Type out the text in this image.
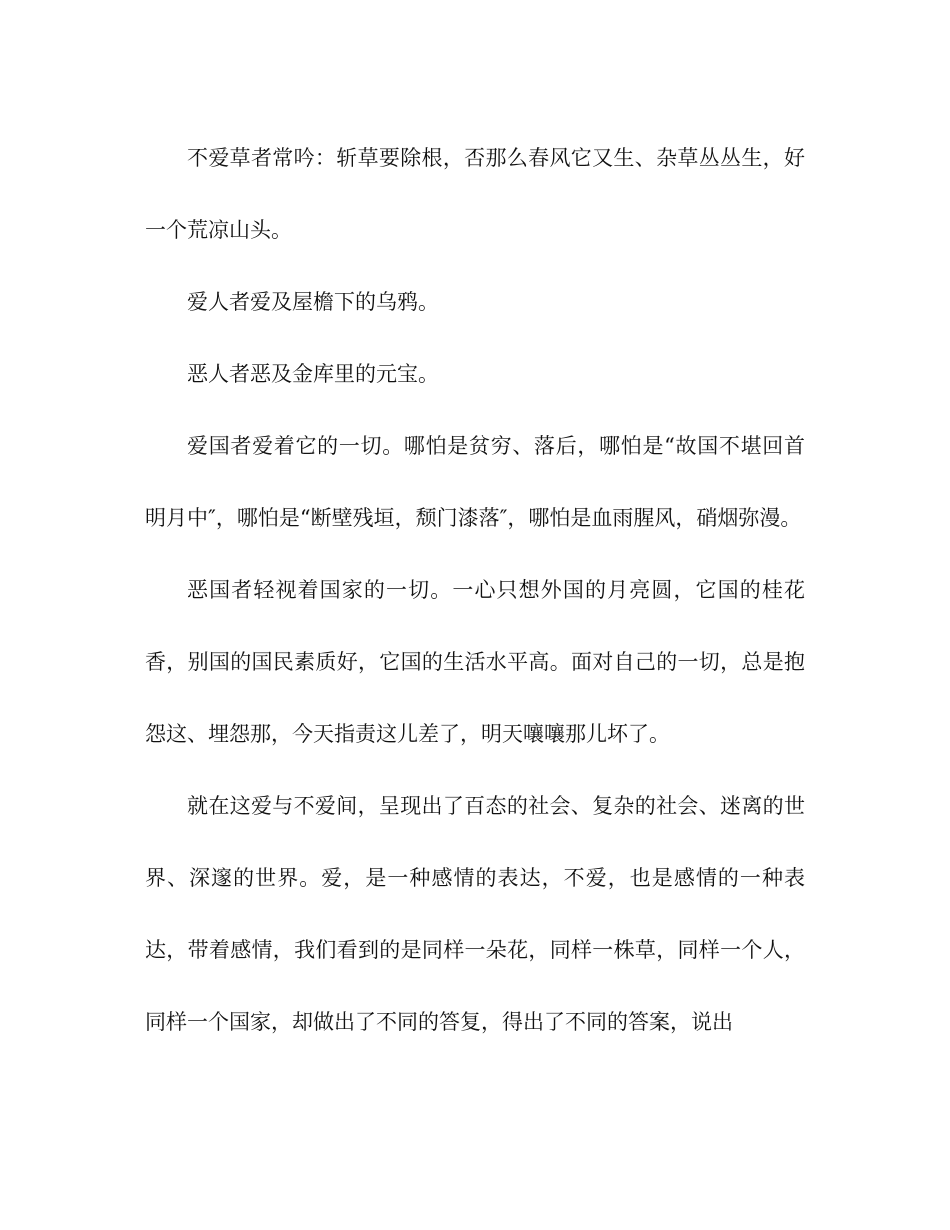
不爱草者常吟：斩草要除根，否那么春风它又生、杂草丛丛生，好一个荒凉山头。

爱人者爱及屋檐下的乌鸦。

恶人者恶及金库里的元宝。

爱国者爱着它的一切。哪怕是贫穷、落后，哪怕是“故国不堪回首明月中″，哪怕是“断壁残垣，颓门漆落″，哪怕是血雨腥风，硝烟弥漫。

恶国者轻视着国家的一切。一心只想外国的月亮圆，它国的桂花香，别国的国民素质好，它国的生活水平高。面对自己的一切，总是抱怨这、埋怨那，今天指责这儿差了，明天嚷嚷那儿坏了。

就在这爱与不爱间，呈现出了百态的社会、复杂的社会、迷离的世界、深邃的世界。爱，是一种感情的表达，不爱，也是感情的一种表达，带着感情，我们看到的是同样一朵花，同样一株草，同样一个人，同样一个国家，却做出了不同的答复，得出了不同的答案，说出
